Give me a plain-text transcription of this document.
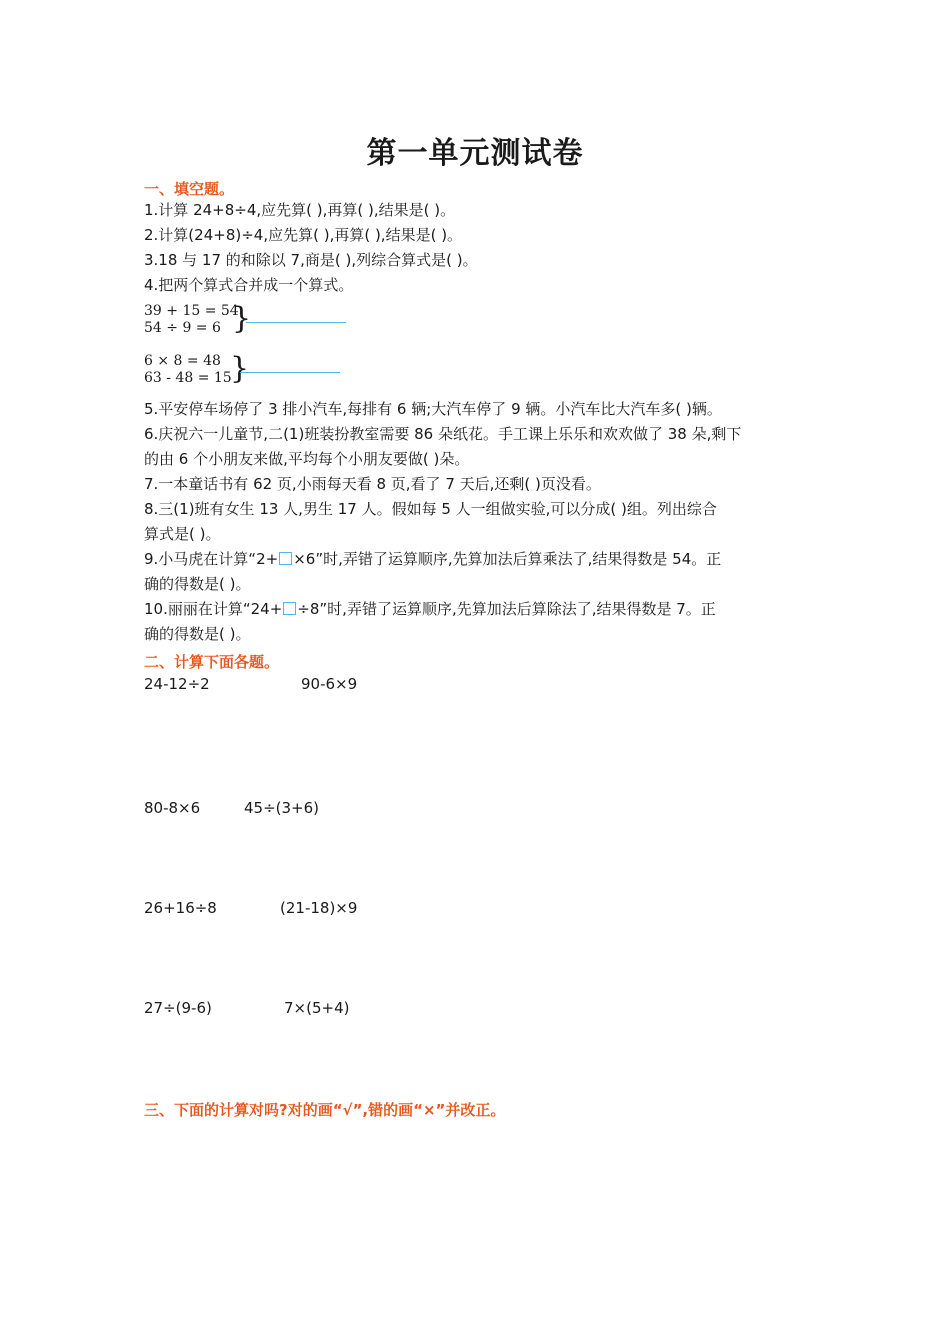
第一单元测试卷
一、填空题。
1.计算 24+8÷4,应先算( ),再算( ),结果是( )。
2.计算(24+8)÷4,应先算( ),再算( ),结果是( )。
3.18 与 17 的和除以 7,商是( ),列综合算式是( )。
4.把两个算式合并成一个算式。
39 + 15 = 54
54 ÷ 9 = 6 }
6 × 8 = 48
63 - 48 = 15
}
5.平安停车场停了 3 排小汽车,每排有 6 辆;大汽车停了 9 辆。小汽车比大汽车多( )辆。
6.庆祝六一儿童节,二(1)班装扮教室需要 86 朵纸花。手工课上乐乐和欢欢做了 38 朵,剩下
的由 6 个小朋友来做,平均每个小朋友要做( )朵。
7.一本童话书有 62 页,小雨每天看 8 页,看了 7 天后,还剩( )页没看。
8.三(1)班有女生 13 人,男生 17 人。假如每 5 人一组做实验,可以分成( )组。列出综合
算式是( )。
9.小马虎在计算“2+ ×6”时,弄错了运算顺序,先算加法后算乘法了,结果得数是 54。正
确的得数是( )。
10.丽丽在计算“24+ ÷8”时,弄错了运算顺序,先算加法后算除法了,结果得数是 7。正
确的得数是( )。
二、计算下面各题。
24-12÷2	90-6×9
80-8×6	45÷(3+6)
26+16÷8	(21-18)×9
27÷(9-6)	7×(5+4)
三、下面的计算对吗?对的画“√”,错的画“×”并改正。
